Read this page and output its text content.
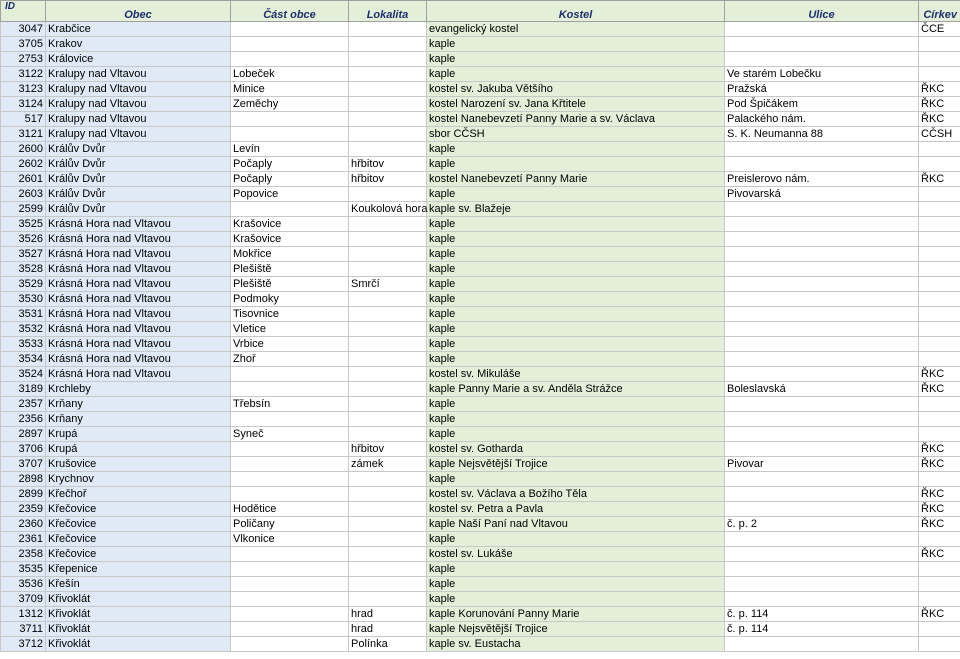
ID	Obec	Část obce	Lokalita	Kostel	Ulice	Církev
3047	Krabčice			evangelický kostel		ČCE
3705	Krakov			kaple		
2753	Královice			kaple		
3122	Kralupy nad Vltavou	Lobeček		kaple	Ve starém Lobečku	
3123	Kralupy nad Vltavou	Minice		kostel sv. Jakuba Většího	Pražská	ŘKC
3124	Kralupy nad Vltavou	Zeměchy		kostel Narození sv. Jana Křtitele	Pod Špičákem	ŘKC
517	Kralupy nad Vltavou			kostel Nanebevzetí Panny Marie a sv. Václava	Palackého nám.	ŘKC
3121	Kralupy nad Vltavou			sbor CČSH	S. K. Neumanna 88	CČSH
2600	Králův Dvůr	Levín		kaple		
2602	Králův Dvůr	Počaply	hřbitov	kaple		
2601	Králův Dvůr	Počaply	hřbitov	kostel Nanebevzetí Panny Marie	Preislerovo nám.	ŘKC
2603	Králův Dvůr	Popovice		kaple	Pivovarská	
2599	Králův Dvůr		Koukolová hora	kaple sv. Blažeje		
3525	Krásná Hora nad Vltavou	Krašovice		kaple		
3526	Krásná Hora nad Vltavou	Krašovice		kaple		
3527	Krásná Hora nad Vltavou	Mokřice		kaple		
3528	Krásná Hora nad Vltavou	Plešiště		kaple		
3529	Krásná Hora nad Vltavou	Plešiště	Smrčí	kaple		
3530	Krásná Hora nad Vltavou	Podmoky		kaple		
3531	Krásná Hora nad Vltavou	Tisovnice		kaple		
3532	Krásná Hora nad Vltavou	Vletice		kaple		
3533	Krásná Hora nad Vltavou	Vrbice		kaple		
3534	Krásná Hora nad Vltavou	Zhoř		kaple		
3524	Krásná Hora nad Vltavou			kostel sv. Mikuláše		ŘKC
3189	Krchleby			kaple Panny Marie a sv. Anděla Strážce	Boleslavská	ŘKC
2357	Krňany	Třebsín		kaple		
2356	Krňany			kaple		
2897	Krupá	Syneč		kaple		
3706	Krupá		hřbitov	kostel sv. Gotharda		ŘKC
3707	Krušovice		zámek	kaple Nejsvětější Trojice	Pivovar	ŘKC
2898	Krychnov			kaple		
2899	Křečhoř			kostel sv. Václava a Božího Těla		ŘKC
2359	Křečovice	Hodětice		kostel sv. Petra a Pavla		ŘKC
2360	Křečovice	Poličany		kaple Naší Paní nad Vltavou	č. p. 2	ŘKC
2361	Křečovice	Vlkonice		kaple		
2358	Křečovice			kostel sv. Lukáše		ŘKC
3535	Křepenice			kaple		
3536	Křešín			kaple		
3709	Křivoklát			kaple		
1312	Křivoklát		hrad	kaple Korunování Panny Marie	č. p. 114	ŘKC
3711	Křivoklát		hrad	kaple Nejsvětější Trojice	č. p. 114	
3712	Křivoklát		Polínka	kaple sv. Eustacha		
